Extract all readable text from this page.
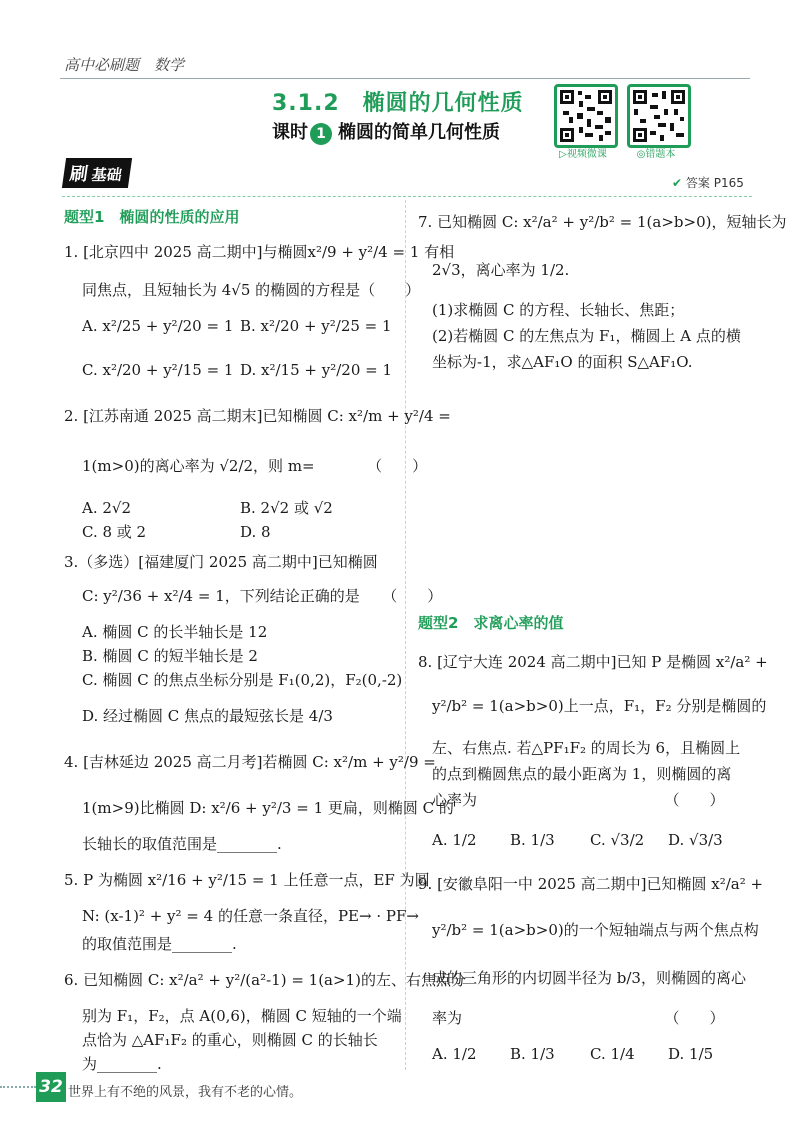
高中必刷题　数学
3.1.2　椭圆的几何性质
课时 1 椭圆的简单几何性质
▷视频微课	◎错题本
刷基础	✔ 答案 P165
题型1　椭圆的性质的应用
1. [北京四中 2025 高二期中]与椭圆x²/9 + y²/4 = 1 有相
同焦点，且短轴长为 4√5 的椭圆的方程是（　　）
A. x²/25 + y²/20 = 1 B. x²/20 + y²/25 = 1
C. x²/20 + y²/15 = 1 D. x²/15 + y²/20 = 1
2. [江苏南通 2025 高二期末]已知椭圆 C: x²/m + y²/4 =
1(m>0)的离心率为 √2/2，则 m=　　　　（　　）
A. 2√2	B. 2√2 或 √2
C. 8 或 2	D. 8
3.（多选）[福建厦门 2025 高二期中]已知椭圆
C: y²/36 + x²/4 = 1，下列结论正确的是　　（　　）
A. 椭圆 C 的长半轴长是 12
B. 椭圆 C 的短半轴长是 2
C. 椭圆 C 的焦点坐标分别是 F₁(0,2)，F₂(0,-2)
D. 经过椭圆 C 焦点的最短弦长是 4/3
4. [吉林延边 2025 高二月考]若椭圆 C: x²/m + y²/9 =
1(m>9)比椭圆 D: x²/6 + y²/3 = 1 更扁，则椭圆 C 的
长轴长的取值范围是________.
5. P 为椭圆 x²/16 + y²/15 = 1 上任意一点，EF 为圆
N: (x-1)² + y² = 4 的任意一条直径，PE→ · PF→
的取值范围是________.
6. 已知椭圆 C: x²/a² + y²/(a²-1) = 1(a>1)的左、右焦点分
别为 F₁，F₂，点 A(0,6)，椭圆 C 短轴的一个端
点恰为 △AF₁F₂ 的重心，则椭圆 C 的长轴长
为________.
7. 已知椭圆 C: x²/a² + y²/b² = 1(a>b>0)，短轴长为
2√3，离心率为 1/2.
(1)求椭圆 C 的方程、长轴长、焦距；
(2)若椭圆 C 的左焦点为 F₁，椭圆上 A 点的横
坐标为-1，求△AF₁O 的面积 S△AF₁O.
题型2　求离心率的值
8. [辽宁大连 2024 高二期中]已知 P 是椭圆 x²/a² +
y²/b² = 1(a>b>0)上一点，F₁，F₂ 分别是椭圆的
左、右焦点. 若△PF₁F₂ 的周长为 6，且椭圆上
的点到椭圆焦点的最小距离为 1，则椭圆的离
心率为　　　　　　　　　　　　　（　　）
A. 1/2 B. 1/3 C. √3/2 D. √3/3
9. [安徽阜阳一中 2025 高二期中]已知椭圆 x²/a² +
y²/b² = 1(a>b>0)的一个短轴端点与两个焦点构
成的三角形的内切圆半径为 b/3，则椭圆的离心
率为　　　　　　　　　　　　　　（　　）
A. 1/2 B. 1/3 C. 1/4 D. 1/5
32 世界上有不绝的风景，我有不老的心情。
